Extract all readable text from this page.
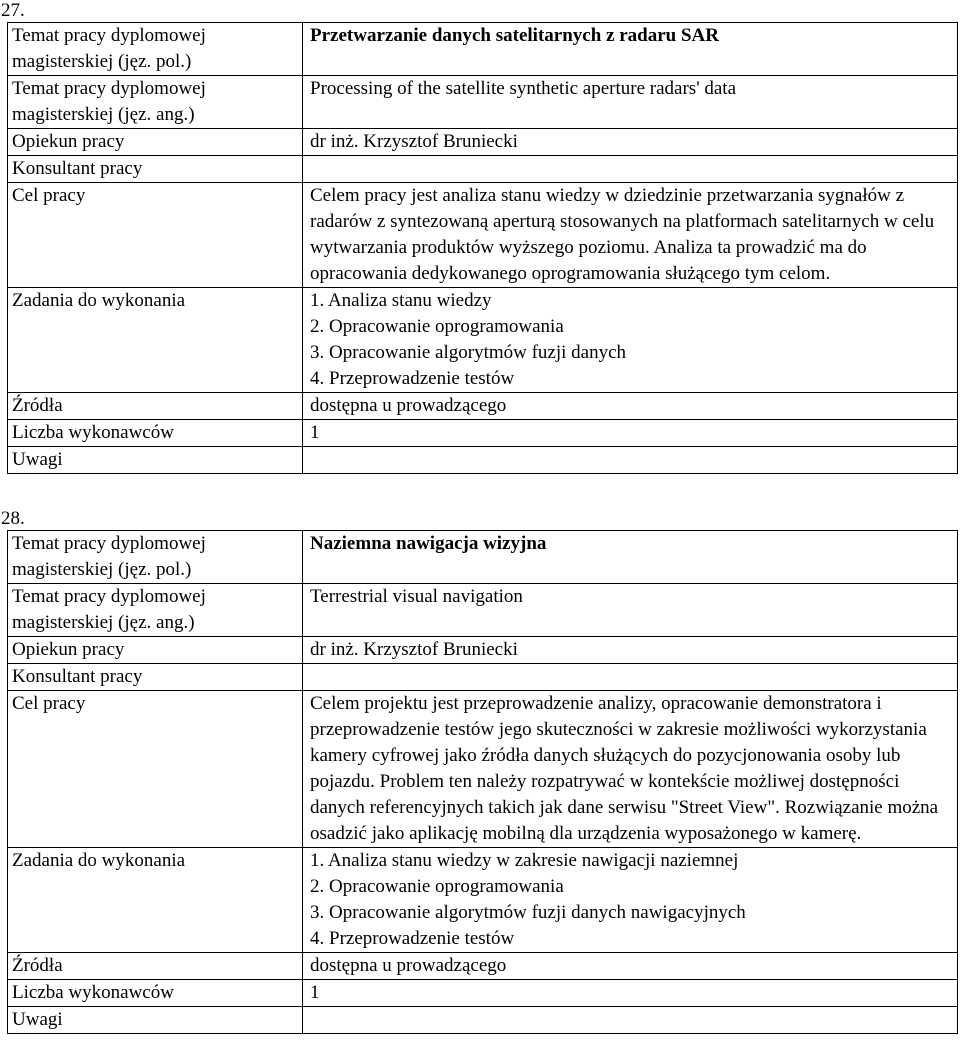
27.
Temat pracy dyplomowej magisterskiej (jęz. pol.)	Przetwarzanie danych satelitarnych z radaru SAR
Temat pracy dyplomowej magisterskiej (jęz. ang.)	Processing of the satellite synthetic aperture radars' data
Opiekun pracy	dr inż. Krzysztof Bruniecki
Konsultant pracy	
Cel pracy	Celem pracy jest analiza stanu wiedzy w dziedzinie przetwarzania sygnałów z radarów z syntezowaną aperturą stosowanych na platformach satelitarnych w celu wytwarzania produktów wyższego poziomu. Analiza ta prowadzić ma do opracowania dedykowanego oprogramowania służącego tym celom.
Zadania do wykonania	1. Analiza stanu wiedzy
2. Opracowanie oprogramowania
3. Opracowanie algorytmów fuzji danych
4. Przeprowadzenie testów

Źródła	dostępna u prowadzącego
Liczba wykonawców	1
Uwagi	
28.
Temat pracy dyplomowej magisterskiej (jęz. pol.)	Naziemna nawigacja wizyjna
Temat pracy dyplomowej magisterskiej (jęz. ang.)	Terrestrial visual navigation
Opiekun pracy	dr inż. Krzysztof Bruniecki
Konsultant pracy	
Cel pracy	Celem projektu jest przeprowadzenie analizy, opracowanie demonstratora i przeprowadzenie testów jego skuteczności w zakresie możliwości wykorzystania kamery cyfrowej jako źródła danych służących do pozycjonowania osoby lub pojazdu. Problem ten należy rozpatrywać w kontekście możliwej dostępności danych referencyjnych takich jak dane serwisu "Street View". Rozwiązanie można osadzić jako aplikację mobilną dla urządzenia wyposażonego w kamerę.
Zadania do wykonania	1. Analiza stanu wiedzy w zakresie nawigacji naziemnej
2. Opracowanie oprogramowania
3. Opracowanie algorytmów fuzji danych nawigacyjnych
4. Przeprowadzenie testów

Źródła	dostępna u prowadzącego
Liczba wykonawców	1
Uwagi	
